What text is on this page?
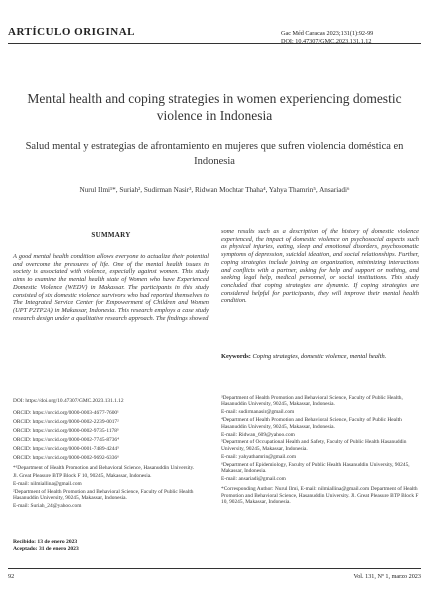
ARTÍCULO ORIGINAL	Gac Méd Caracas 2023;131(1):92-99
DOI: 10.47307/GMC.2023.131.1.12
Mental health and coping strategies in women experiencing domestic violence in Indonesia
Salud mental y estrategias de afrontamiento en mujeres que sufren violencia doméstica en Indonesia
Nurul Ilmi¹*, Suriah², Sudirman Nasir³, Ridwan Mochtar Thaha⁴, Yahya Thamrin⁵, Ansariadi⁶
SUMMARY
A good mental health condition allows everyone to actualize their potential and overcome the pressures of life. One of the mental health issues in society is associated with violence, especially against women. This study aims to examine the mental health state of Women who have Experienced Domestic Violence (WEDV) in Makassar. The participants in this study consisted of six domestic violence survivors who had reported themselves to The Integrated Service Center for Empowerment of Children and Women (UPT P2TP2A) in Makassar, Indonesia. This research employs a case study research design under a qualitative research approach. The findings showed
some results such as a description of the history of domestic violence experienced, the impact of domestic violence on psychosocial aspects such as physical injuries, eating, sleep and emotional disorders, psychosomatic symptoms of depression, suicidal ideation, and social relationships. Further, coping strategies include joining an organization, minimizing interactions and conflicts with a partner, asking for help and support or nothing, and seeking legal help, medical personnel, or social institutions. This study concluded that coping strategies are dynamic. If coping strategies are considered helpful for participants, they will improve their mental health condition.
Keywords: Coping strategies, domestic violence, mental health.
DOI: https://doi.org/10.47307/GMC.2023.131.1.12
ORCID: https://orcid.org/0000-0003-4677-7600¹
ORCID: https://orcid.org/0000-0002-2239-0017²
ORCID: https://orcid.org/0000-0002-9735-1178³
ORCID: https://orcid.org/0000-0002-7745-8736⁴
ORCID: https://orcid.org/0000-0001-7489-4244⁵
ORCID: https://orcid.org/0000-0002-9692-6336⁶

*¹Department of Health Promotion and Behavioral Science, Hasanuddin University.

Jl. Great Pleasure BTP Block F 10, 90245, Makassar, Indonesia.

E-mail: nilmiallina@gmail.com

²Department of Health Promotion and Behavioral Science, Faculty of Public Health Hasanuddin University, 90245, Makassar, Indonesia.

E-mail: Suriah_24@yahoo.com

Recibido: 13 de enero 2023
Aceptado: 31 de enero 2023

³Department of Health Promotion and Behavioral Science, Faculty of Public Health, Hasanuddin University, 90245, Makassar, Indonesia.

E-mail: sudirmanasir@gmail.com

⁴Department of Health Promotion and Behavioral Science, Faculty of Public Health Hasanuddin University, 90245, Makassar, Indonesia.

E-mail: Ridwan_609@yahoo.com

⁵Department of Occupational Health and Safety, Faculty of Public Health Hasanuddin University, 90245, Makassar, Indonesia.

E-mail: yahyathamrin@gmail.com

⁶Department of Epidemiology, Faculty of Public Health Hasanuddin University, 90245, Makassar, Indonesia.

E-mail: ansariadi@gmail.com

*Corresponding Author: Nurul Ilmi, E-mail: nilmiallina@gmail.com Department of Health Promotion and Behavioral Science, Hasanuddin University. Jl. Great Pleasure BTP Block F 10, 90245, Makassar, Indonesia.

92	Vol. 131, Nº 1, marzo 2023
